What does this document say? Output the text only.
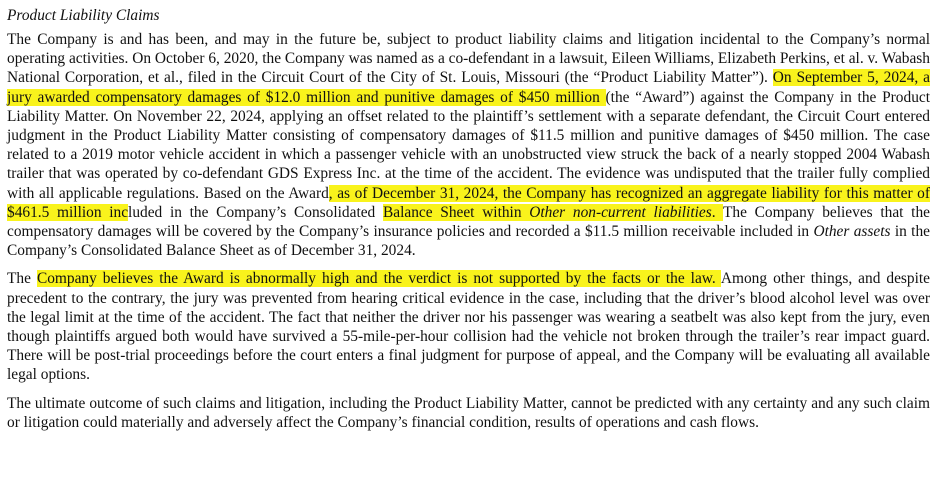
Product Liability Claims

The Company is and has been, and may in the future be, subject to product liability claims and litigation incidental to the Company’s normal operating activities. On October 6, 2020, the Company was named as a co-defendant in a lawsuit, Eileen Williams, Elizabeth Perkins, et al. v. Wabash National Corporation, et al., filed in the Circuit Court of the City of St. Louis, Missouri (the “Product Liability Matter”). On September 5, 2024, a jury awarded compensatory damages of $12.0 million and punitive damages of $450 million (the “Award”) against the Company in the Product Liability Matter. On November 22, 2024, applying an offset related to the plaintiff’s settlement with a separate defendant, the Circuit Court entered judgment in the Product Liability Matter consisting of compensatory damages of $11.5 million and punitive damages of $450 million. The case related to a 2019 motor vehicle accident in which a passenger vehicle with an unobstructed view struck the back of a nearly stopped 2004 Wabash trailer that was operated by co-defendant GDS Express Inc. at the time of the accident. The evidence was undisputed that the trailer fully complied with all applicable regulations. Based on the Award, as of December 31, 2024, the Company has recognized an aggregate liability for this matter of $461.5 million included in the Company’s Consolidated Balance Sheet within Other non-current liabilities. The Company believes that the compensatory damages will be covered by the Company’s insurance policies and recorded a $11.5 million receivable included in Other assets in the Company’s Consolidated Balance Sheet as of December 31, 2024.

The Company believes the Award is abnormally high and the verdict is not supported by the facts or the law. Among other things, and despite precedent to the contrary, the jury was prevented from hearing critical evidence in the case, including that the driver’s blood alcohol level was over the legal limit at the time of the accident. The fact that neither the driver nor his passenger was wearing a seatbelt was also kept from the jury, even though plaintiffs argued both would have survived a 55-mile-per-hour collision had the vehicle not broken through the trailer’s rear impact guard. There will be post-trial proceedings before the court enters a final judgment for purpose of appeal, and the Company will be evaluating all available legal options.

The ultimate outcome of such claims and litigation, including the Product Liability Matter, cannot be predicted with any certainty and any such claim or litigation could materially and adversely affect the Company’s financial condition, results of operations and cash flows.
